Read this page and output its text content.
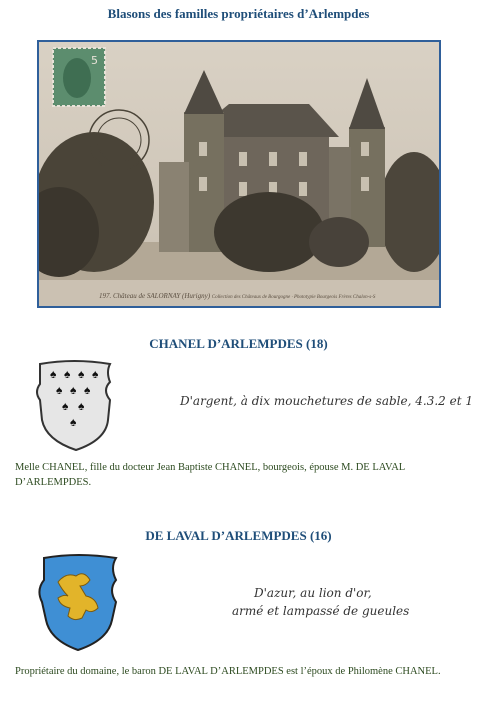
Blasons des familles propriétaires d’Arlempdes
5
197. Château de SALORNAY (Hurigny) Collection des Châteaux de Bourgogne · Phototypie Bourgeois Frères Chalon-s-S
CHANEL D’ARLEMPDES (18)
♠ ♠ ♠ ♠
♠ ♠ ♠
♠ ♠
♠
D'argent, à dix mouchetures de sable, 4.3.2 et 1
Melle CHANEL, fille du docteur Jean Baptiste CHANEL, bourgeois, épouse M. DE LAVAL D’ARLEMPDES.
DE LAVAL D’ARLEMPDES (16)
D'azur, au lion d'or,
armé et lampassé de gueules
Propriétaire du domaine, le baron DE LAVAL D’ARLEMPDES est l’époux de Philomène CHANEL.
